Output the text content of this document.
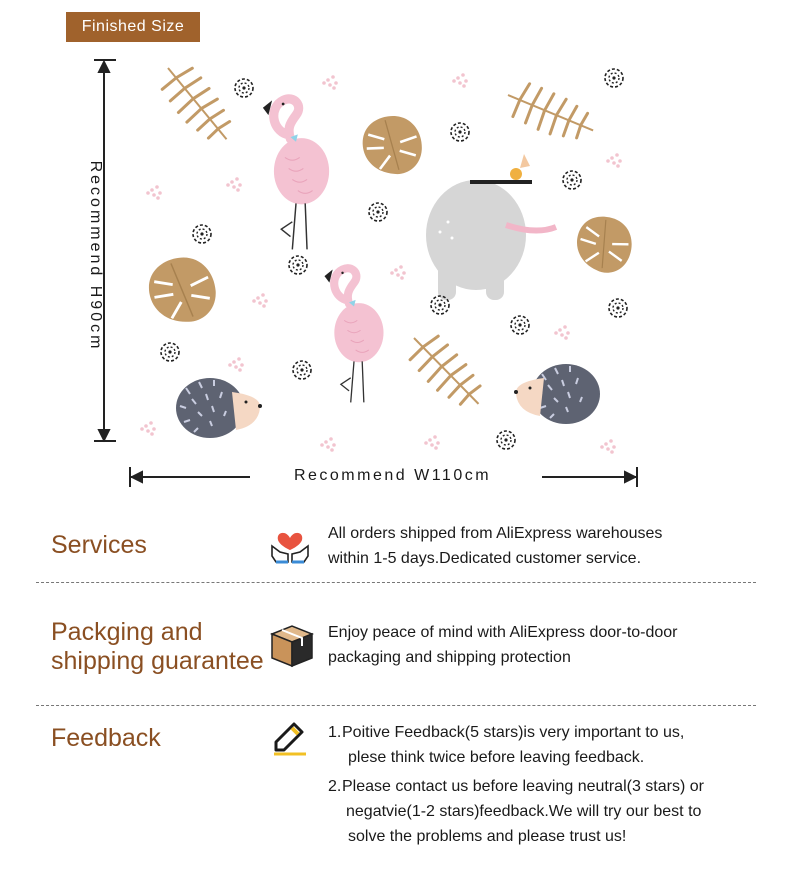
Finished Size
Recommend H90cm
Recommend W110cm
Services	All orders shipped from AliExpress warehouses
within 1-5 days.Dedicated customer service.
Packging and
shipping guarantee
Enjoy peace of mind with AliExpress door-to-door
packaging and shipping protection
Feedback	1. Poitive Feedback(5 stars)is very important to us,
plese think twice before leaving feedback.
2. Please contact us before leaving neutral(3 stars) or
negatvie(1-2 stars)feedback.We will try our best to
solve the problems and please trust us!
